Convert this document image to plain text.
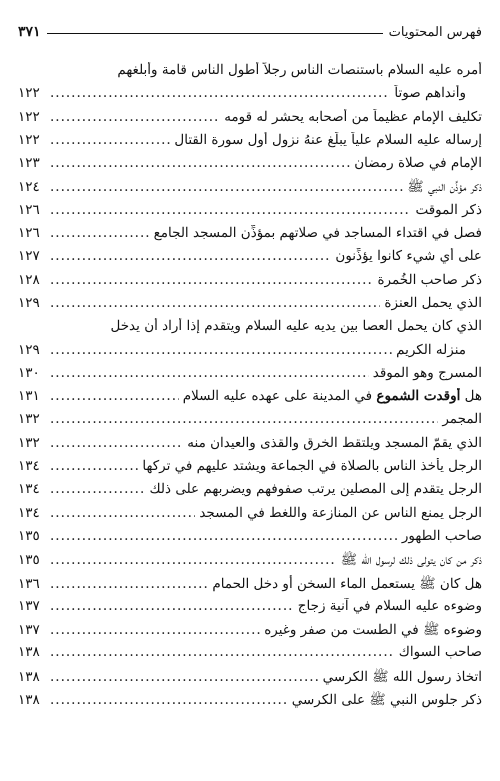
فهرس المحتويات
٣٧١
أمره عليه السلام باستنصات الناس رجلاً أطول الناس قامة وأبلغهم
وأنداهم صوتاً
.....
١٢٢
تكليف الإمام عظيماً من أصحابه يحشر له قومه
.....
١٢٢
إرساله عليه السلام علياً يبلِّغ عنهُ نزول أول سورة القتال
.....
١٢٢
الإمام في صلاة رمضان
.....
١٢٣
ذكر مؤذِّن النبي ﷺ
.....
١٢٤
ذكر الموقت
.....
١٢٦
فصل في اقتداء المساجد في صلاتهم بمؤذِّن المسجد الجامع
.....
١٢٦
على أي شيء كانوا يؤذِّنون
.....
١٢٧
ذكر صاحب الخُمرة
.....
١٢٨
الذي يحمل العنزة
.....
١٢٩
الذي كان يحمل العصا بين يديه عليه السلام ويتقدم إذا أراد أن يدخل
منزله الكريم
.....
١٢٩
المسرج وهو الموقد
.....
١٣٠
هل أوقدت الشموع في المدينة على عهده عليه السلام
.....
١٣١
المجمر
.....
١٣٢
الذي يقمّ المسجد ويلتقط الخرق والقذى والعيدان منه
.....
١٣٢
الرجل يأخذ الناس بالصلاة في الجماعة ويشتد عليهم في تركها
.....
١٣٤
الرجل يتقدم إلى المصلين يرتب صفوفهم ويضربهم على ذلك
.....
١٣٤
الرجل يمنع الناس عن المنازعة واللغط في المسجد
.....
١٣٤
صاحب الطهور
.....
١٣٥
ذكر من كان يتولى ذلك لرسول الله ﷺ
.....
١٣٥
هل كان ﷺ يستعمل الماء السخن أو دخل الحمام
.....
١٣٦
وضوءه عليه السلام في آنية زجاج
.....
١٣٧
وضوءه ﷺ في الطست من صفر وغيره
.....
١٣٧
صاحب السواك
.....
١٣٨
اتخاذ رسول الله ﷺ الكرسي
.....
١٣٨
ذكر جلوس النبي ﷺ على الكرسي
.....
١٣٨
